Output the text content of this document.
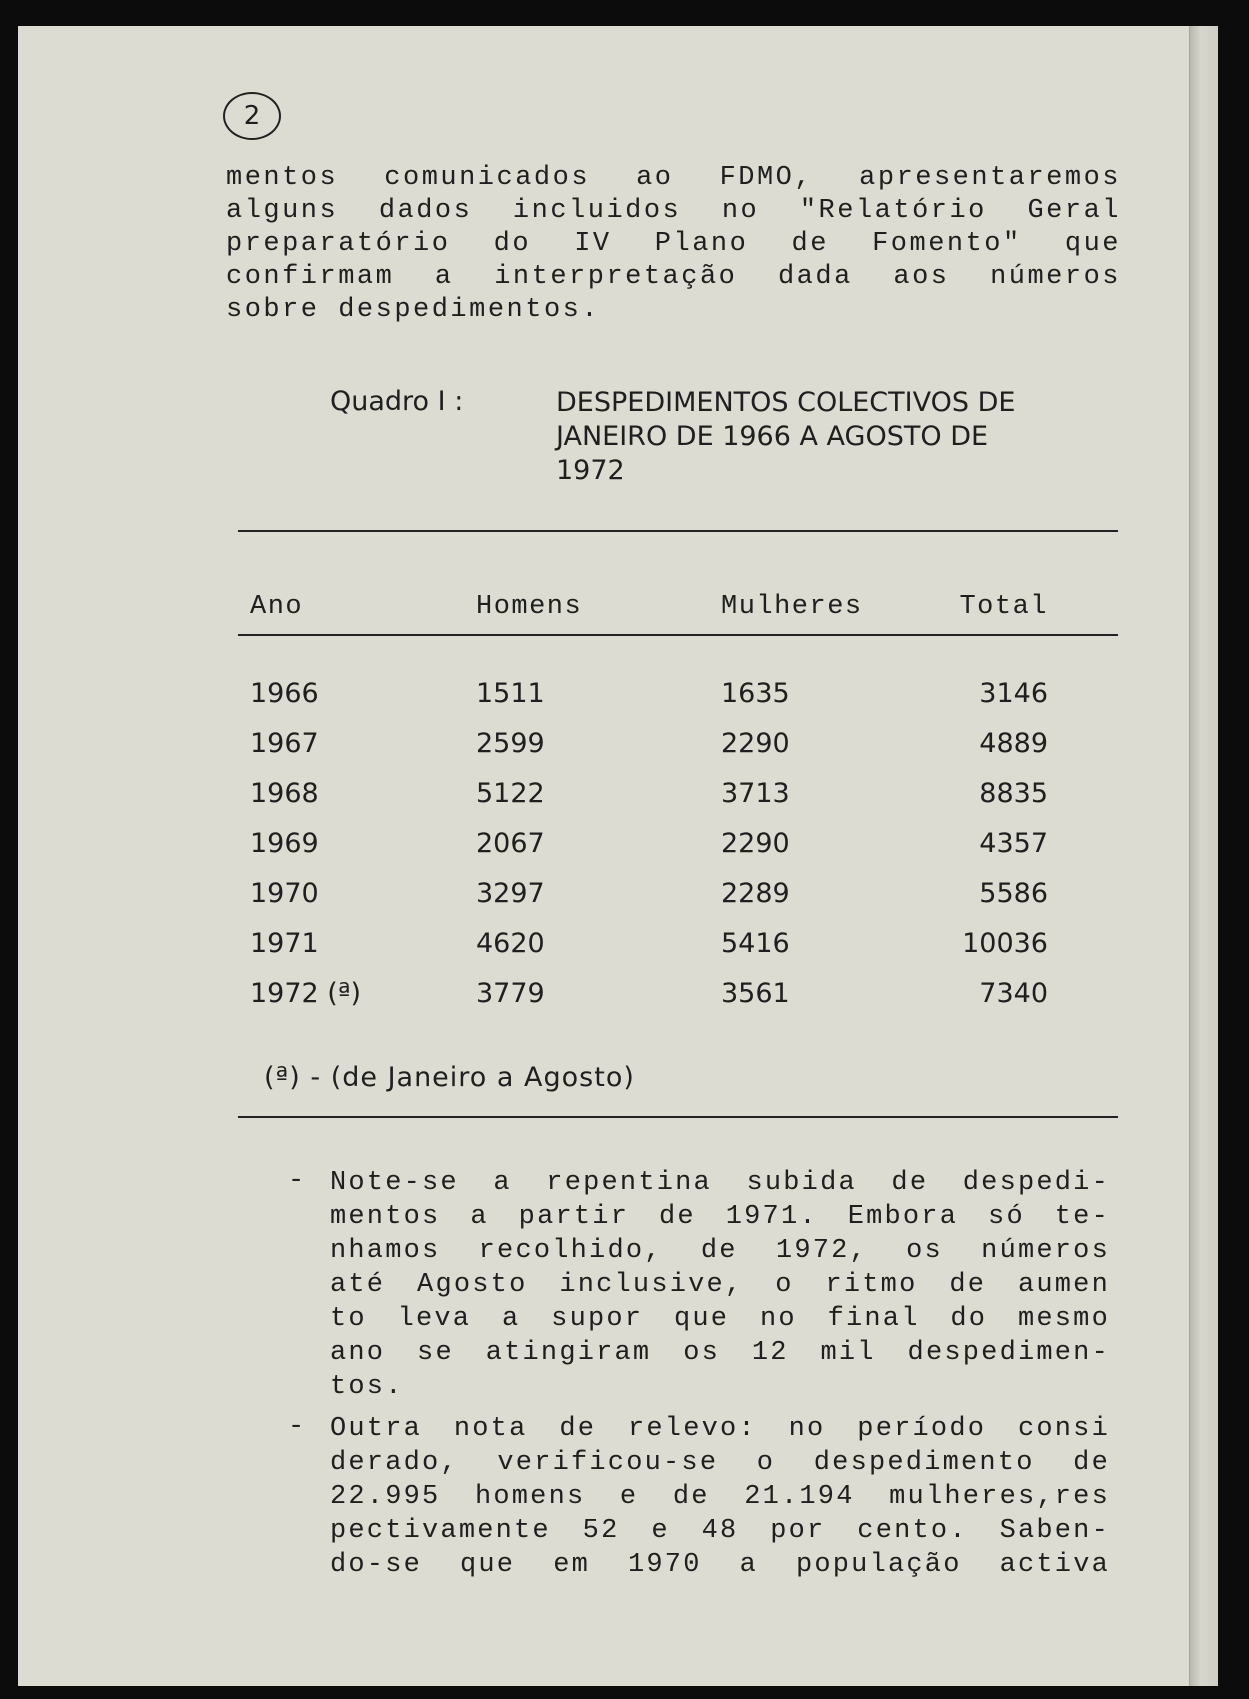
2
mentos comunicados ao FDMO, apresentaremos
alguns dados incluidos no "Relatório Geral
preparatório do IV Plano de Fomento" que
confirmam a interpretação dada aos números
sobre despedimentos.
Quadro I :	DESPEDIMENTOS COLECTIVOS DE
JANEIRO DE 1966 A AGOSTO DE
1972
Ano	Homens	Mulheres	Total
1966	1511	1635	3146
1967	2599	2290	4889
1968	5122	3713	8835
1969	2067	2290	4357
1970	3297	2289	5586
1971	4620	5416	10036
1972 (ª)	3779	3561	7340
(ª) - (de Janeiro a Agosto)
- Note-se a repentina subida de despedi-
mentos a partir de 1971. Embora só te-
nhamos recolhido, de 1972, os números
até Agosto inclusive, o ritmo de aumen
to leva a supor que no final do mesmo
ano se atingiram os 12 mil despedimen-
tos.
- Outra nota de relevo: no período consi
derado, verificou-se o despedimento de
22.995 homens e de 21.194 mulheres,res
pectivamente 52 e 48 por cento. Saben-
do-se que em 1970 a população activa
